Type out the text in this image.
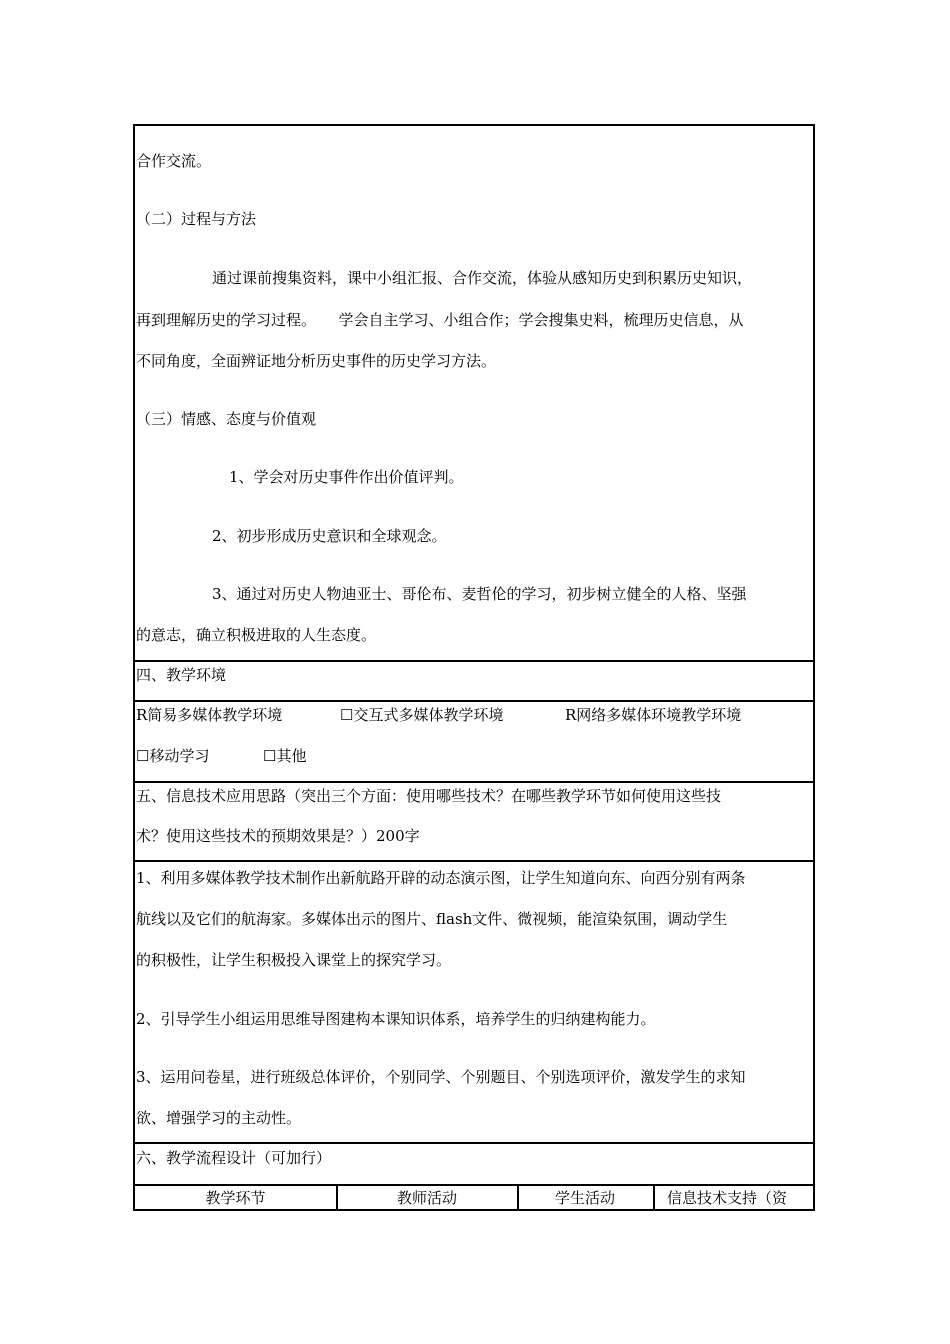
合作交流。
（二）过程与方法
通过课前搜集资料，课中小组汇报、合作交流，体验从感知历史到积累历史知识，
再到理解历史的学习过程。　　学会自主学习、小组合作；学会搜集史料，梳理历史信息，从
不同角度，全面辨证地分析历史事件的历史学习方法。
（三）情感、态度与价值观
1、学会对历史事件作出价值评判。
2、初步形成历史意识和全球观念。
3、通过对历史人物迪亚士、哥伦布、麦哲伦的学习，初步树立健全的人格、坚强
的意志，确立积极进取的人生态度。
四、教学环境
R简易多媒体教学环境	☐交互式多媒体教学环境	R网络多媒体环境教学环境
☐移动学习	☐其他
五、信息技术应用思路（突出三个方面：使用哪些技术？在哪些教学环节如何使用这些技
术？使用这些技术的预期效果是？）200字
1、利用多媒体教学技术制作出新航路开辟的动态演示图，让学生知道向东、向西分别有两条
航线以及它们的航海家。多媒体出示的图片、flash文件、微视频，能渲染氛围，调动学生
的积极性，让学生积极投入课堂上的探究学习。
2、引导学生小组运用思维导图建构本课知识体系，培养学生的归纳建构能力。
3、运用问卷星，进行班级总体评价，个别同学、个别题目、个别选项评价，激发学生的求知
欲、增强学习的主动性。
六、教学流程设计（可加行）
教学环节	教师活动	学生活动	信息技术支持（资
